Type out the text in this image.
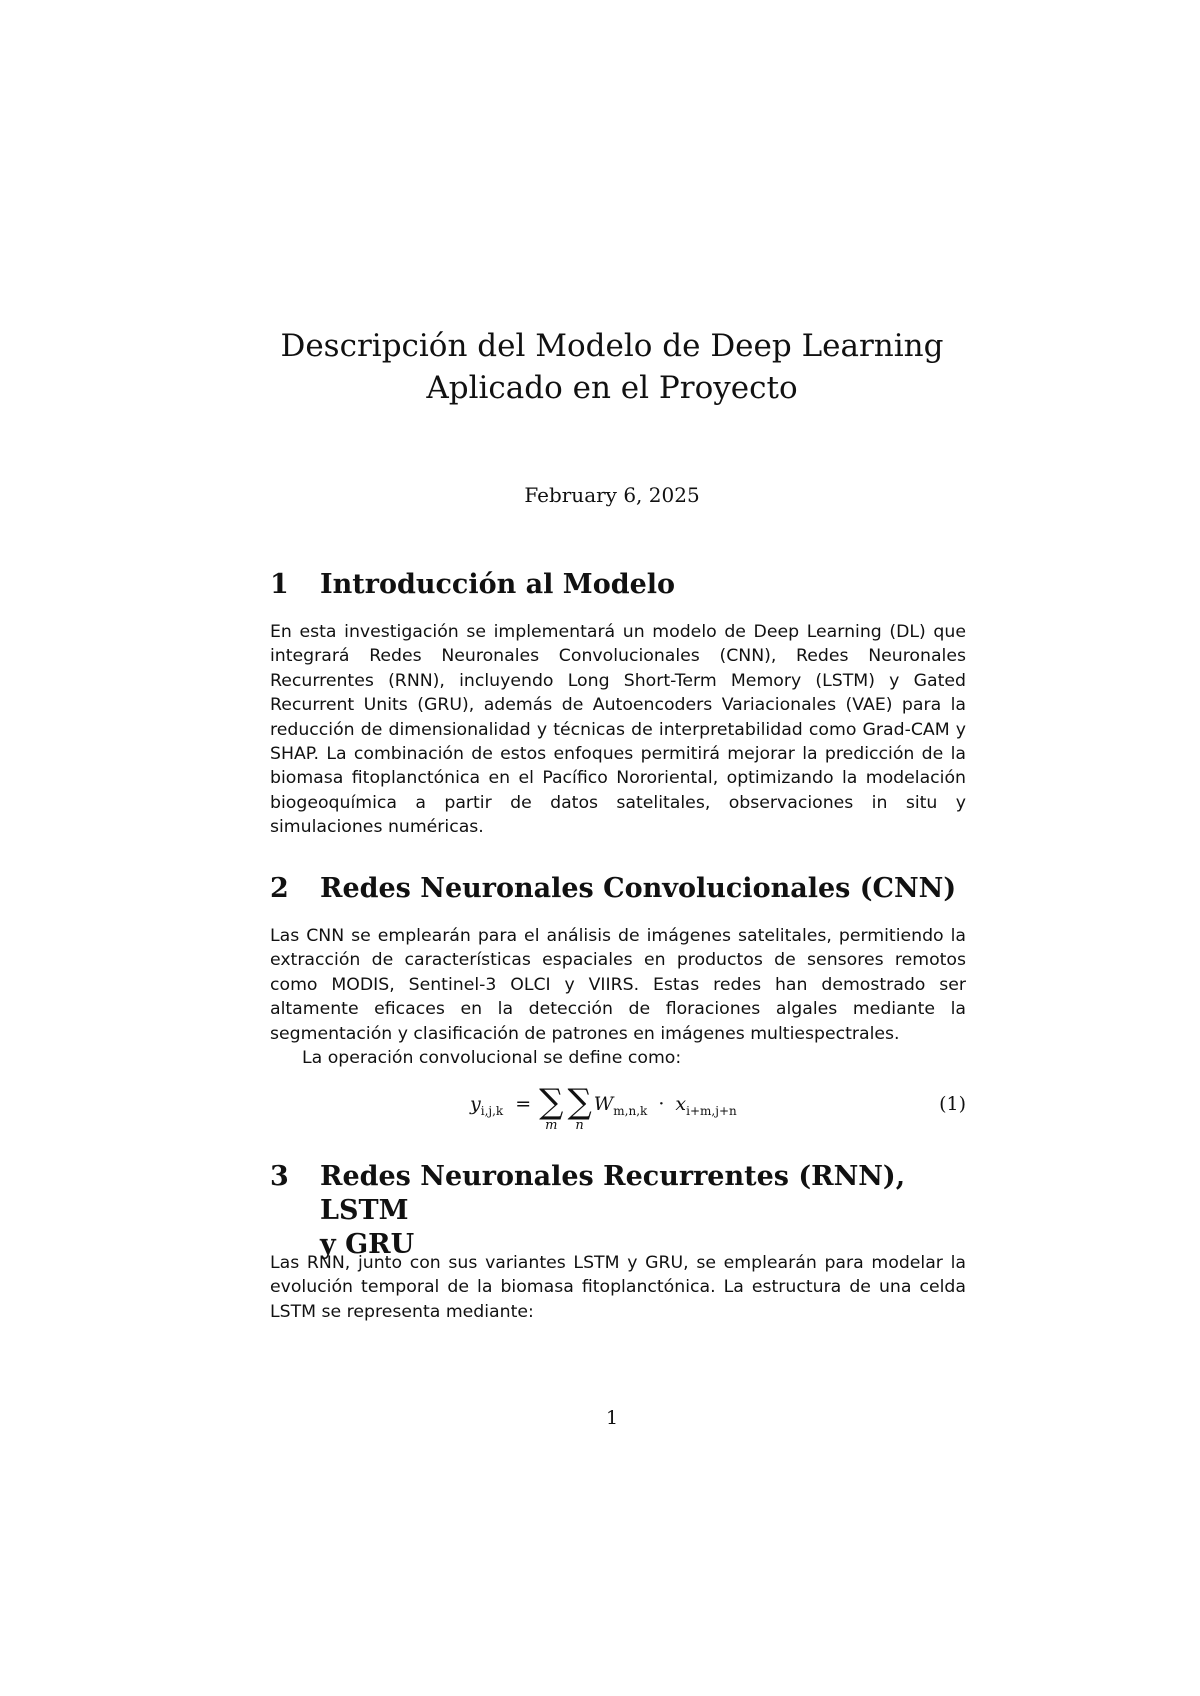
Descripción del Modelo de Deep Learning
Aplicado en el Proyecto
February 6, 2025
1	Introducción al Modelo

En esta investigación se implementará un modelo de Deep Learning (DL) que integrará Redes Neuronales Convolucionales (CNN), Redes Neuronales Recurrentes (RNN), incluyendo Long Short-Term Memory (LSTM) y Gated Recurrent Units (GRU), además de Autoencoders Variacionales (VAE) para la reducción de dimensionalidad y técnicas de interpretabilidad como Grad-CAM y SHAP. La combinación de estos enfoques permitirá mejorar la predicción de la biomasa fitoplanctónica en el Pacífico Nororiental, optimizando la modelación biogeoquímica a partir de datos satelitales, observaciones in situ y simulaciones numéricas.

2	Redes Neuronales Convolucionales (CNN)

Las CNN se emplearán para el análisis de imágenes satelitales, permitiendo la extracción de características espaciales en productos de sensores remotos como MODIS, Sentinel-3 OLCI y VIIRS. Estas redes han demostrado ser altamente eficaces en la detección de floraciones algales mediante la segmentación y clasificación de patrones en imágenes multiespectrales.

La operación convolucional se define como:

$y_{i,j,k}$ = ∑
m
∑
n
$W_{m,n,k} \cdot x_{i+m,j+n}$	(1)
3	Redes Neuronales Recurrentes (RNN), LSTM
y GRU

Las RNN, junto con sus variantes LSTM y GRU, se emplearán para modelar la evolución temporal de la biomasa fitoplanctónica. La estructura de una celda LSTM se representa mediante:

1
